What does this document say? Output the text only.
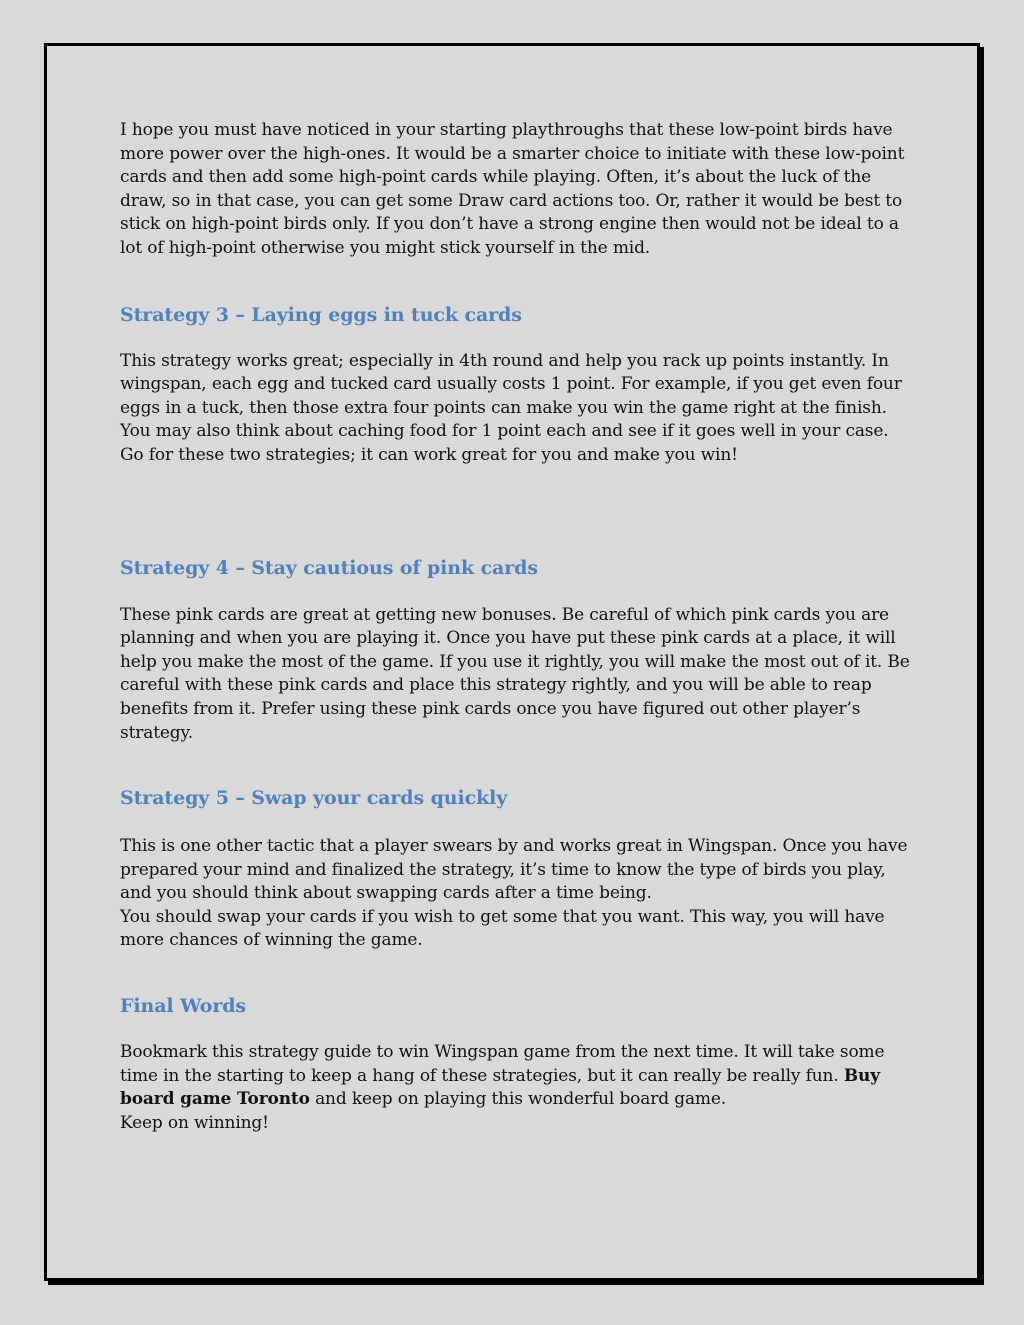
I hope you must have noticed in your starting playthroughs that these low-point birds have more power over the high-ones. It would be a smarter choice to initiate with these low-point cards and then add some high-point cards while playing. Often, it’s about the luck of the draw, so in that case, you can get some Draw card actions too. Or, rather it would be best to stick on high-point birds only. If you don’t have a strong engine then would not be ideal to a lot of high-point otherwise you might stick yourself in the mid.

Strategy 3 – Laying eggs in tuck cards

This strategy works great; especially in 4th round and help you rack up points instantly. In wingspan, each egg and tucked card usually costs 1 point. For example, if you get even four eggs in a tuck, then those extra four points can make you win the game right at the finish. You may also think about caching food for 1 point each and see if it goes well in your case. Go for these two strategies; it can work great for you and make you win!

Strategy 4 – Stay cautious of pink cards

These pink cards are great at getting new bonuses. Be careful of which pink cards you are planning and when you are playing it. Once you have put these pink cards at a place, it will help you make the most of the game. If you use it rightly, you will make the most out of it. Be careful with these pink cards and place this strategy rightly, and you will be able to reap benefits from it. Prefer using these pink cards once you have figured out other player’s strategy.

Strategy 5 – Swap your cards quickly

This is one other tactic that a player swears by and works great in Wingspan. Once you have prepared your mind and finalized the strategy, it’s time to know the type of birds you play, and you should think about swapping cards after a time being.

You should swap your cards if you wish to get some that you want. This way, you will have more chances of winning the game.

Final Words

Bookmark this strategy guide to win Wingspan game from the next time. It will take some time in the starting to keep a hang of these strategies, but it can really be really fun. Buy board game Toronto and keep on playing this wonderful board game.

Keep on winning!
